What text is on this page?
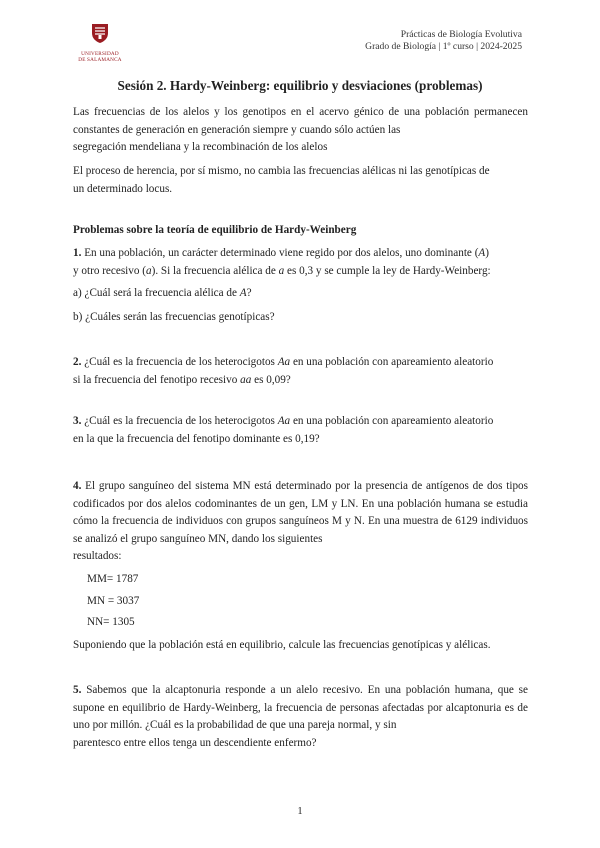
UNIVERSIDAD
DE SALAMANCA
Prácticas de Biología Evolutiva
Grado de Biología | 1º curso | 2024-2025
Sesión 2. Hardy-Weinberg: equilibrio y desviaciones (problemas)
Las frecuencias de los alelos y los genotipos en el acervo génico de una población permanecen constantes de generación en generación siempre y cuando sólo actúen las
segregación mendeliana y la recombinación de los alelos
El proceso de herencia, por sí mismo, no cambia las frecuencias alélicas ni las genotípicas de
un determinado locus.
Problemas sobre la teoría de equilibrio de Hardy-Weinberg
1. En una población, un carácter determinado viene regido por dos alelos, uno dominante (A)
y otro recesivo (a). Si la frecuencia alélica de a es 0,3 y se cumple la ley de Hardy-Weinberg:
a) ¿Cuál será la frecuencia alélica de A?
b) ¿Cuáles serán las frecuencias genotípicas?
2. ¿Cuál es la frecuencia de los heterocigotos Aa en una población con apareamiento aleatorio
si la frecuencia del fenotipo recesivo aa es 0,09?
3. ¿Cuál es la frecuencia de los heterocigotos Aa en una población con apareamiento aleatorio
en la que la frecuencia del fenotipo dominante es 0,19?
4. El grupo sanguíneo del sistema MN está determinado por la presencia de antígenos de dos tipos codificados por dos alelos codominantes de un gen, LM y LN. En una población humana se estudia cómo la frecuencia de individuos con grupos sanguíneos M y N. En una muestra de 6129 individuos se analizó el grupo sanguíneo MN, dando los siguientes
resultados:
MM= 1787
MN = 3037
NN= 1305
Suponiendo que la población está en equilibrio, calcule las frecuencias genotípicas y alélicas.
5. Sabemos que la alcaptonuria responde a un alelo recesivo. En una población humana, que se supone en equilibrio de Hardy-Weinberg, la frecuencia de personas afectadas por alcaptonuria es de uno por millón. ¿Cuál es la probabilidad de que una pareja normal, y sin
parentesco entre ellos tenga un descendiente enfermo?
1
